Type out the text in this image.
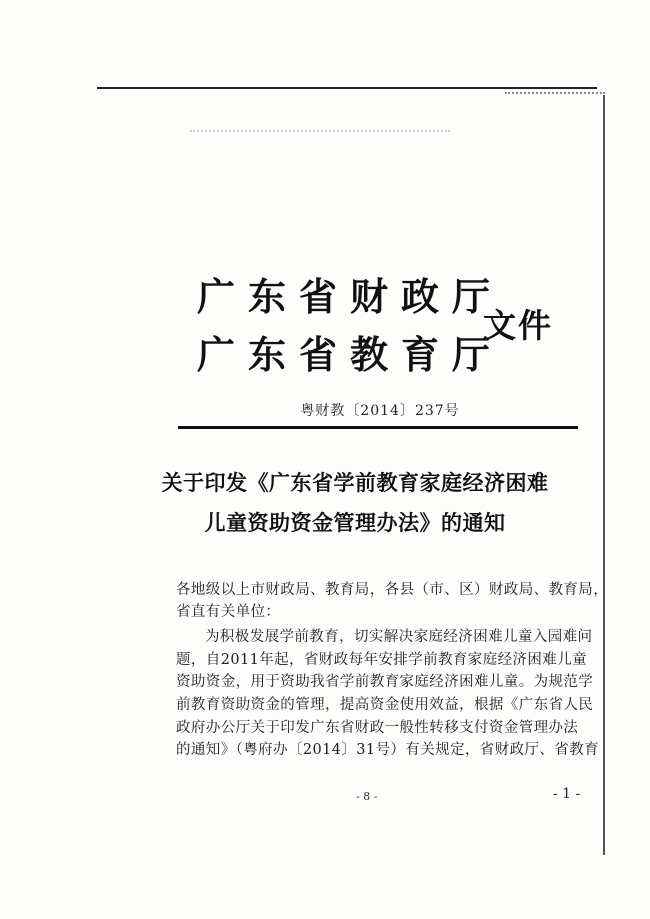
广东省财政厅

广东省教育厅

文件
粤财教〔2014〕237号
关于印发《广东省学前教育家庭经济困难
儿童资助资金管理办法》的通知
各地级以上市财政局、教育局，各县（市、区）财政局、教育局，
省直有关单位：
为积极发展学前教育，切实解决家庭经济困难儿童入园难问
题，自2011年起，省财政每年安排学前教育家庭经济困难儿童
资助资金，用于资助我省学前教育家庭经济困难儿童。为规范学
前教育资助资金的管理，提高资金使用效益，根据《广东省人民
政府办公厅关于印发广东省财政一般性转移支付资金管理办法
的通知》（粤府办〔2014〕31号）有关规定，省财政厅、省教育
- 8 -	- 1 -
